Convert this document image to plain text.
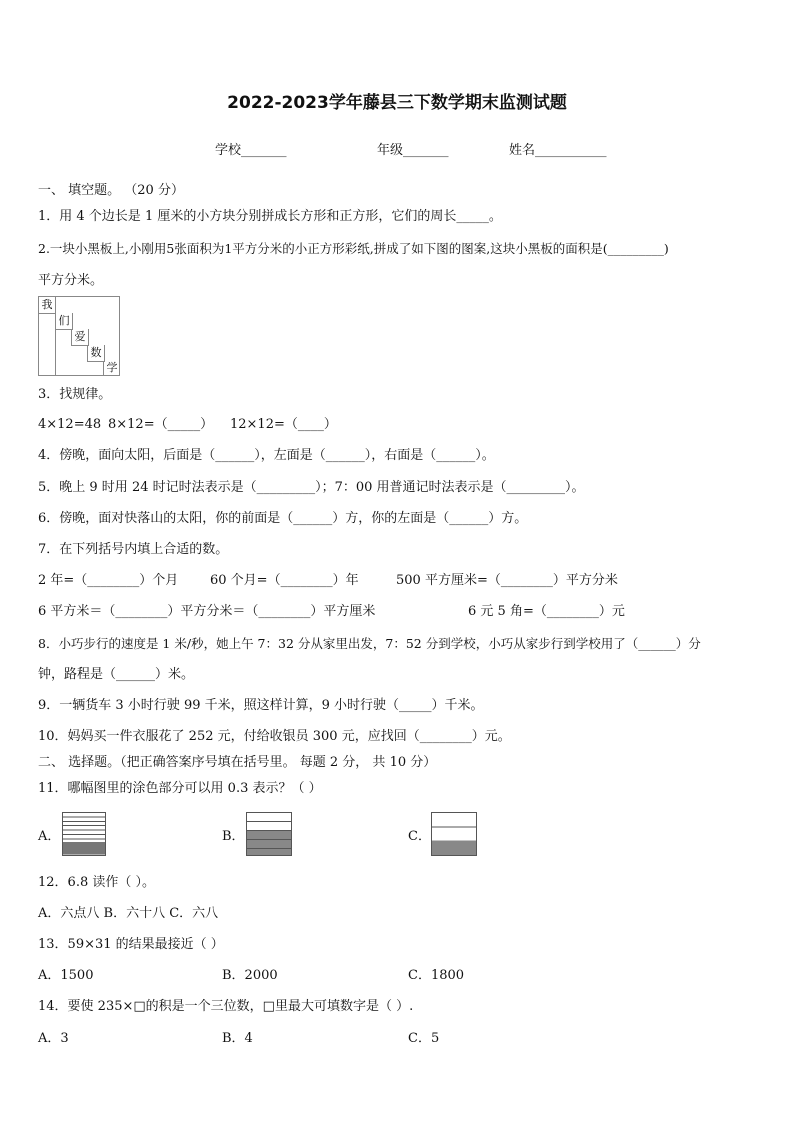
2022-2023学年藤县三下数学期末监测试题
学校_______	年级_______	姓名___________
一、 填空题。 （20 分）
1．用 4 个边长是 1 厘米的小方块分别拼成长方形和正方形，它们的周长_____。
2.一块小黑板上,小刚用5张面积为1平方分米的小正方形彩纸,拼成了如下图的图案,这块小黑板的面积是(_________)
平方分米。
我
们
爱
数
学
3．找规律。
4×12=48 8×12=（_____） 12×12=（____）
4．傍晚，面向太阳，后面是（______），左面是（______），右面是（______）。
5．晚上 9 时用 24 时记时法表示是（_________）；7：00 用普通记时法表示是（_________）。
6．傍晚，面对快落山的太阳，你的前面是（______）方，你的左面是（______）方。
7．在下列括号内填上合适的数。
2 年=（________）个月 60 个月=（________）年	500 平方厘米=（________）平方分米
6 平方米＝（________）平方分米＝（________）平方厘米	6 元 5 角=（________）元
8．小巧步行的速度是 1 米/秒，她上午 7：32 分从家里出发，7：52 分到学校，小巧从家步行到学校用了（______）分
钟，路程是（______）米。
9．一辆货车 3 小时行驶 99 千米，照这样计算，9 小时行驶（_____）千米。
10．妈妈买一件衣服花了 252 元，付给收银员 300 元，应找回（________）元。
二、 选择题。（把正确答案序号填在括号里。 每题 2 分， 共 10 分）
11．哪幅图里的涂色部分可以用 0.3 表示？（ ）
A．	B．	C．
12．6.8 读作（ ）。
A．六点八 B．六十八 C．六八
13．59×31 的结果最接近（ ）
A．1500	B．2000	C．1800
14．要使 235×□的积是一个三位数，□里最大可填数字是（ ）.
A．3	B．4	C．5
